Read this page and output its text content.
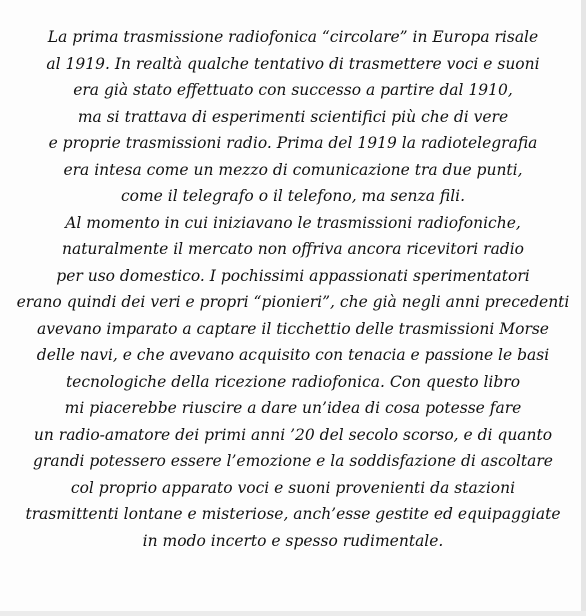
La prima trasmissione radiofonica “circolare” in Europa risale
al 1919. In realtà qualche tentativo di trasmettere voci e suoni
era già stato effettuato con successo a partire dal 1910,
ma si trattava di esperimenti scientifici più che di vere
e proprie trasmissioni radio. Prima del 1919 la radiotelegrafia
era intesa come un mezzo di comunicazione tra due punti,
come il telegrafo o il telefono, ma senza fili.
Al momento in cui iniziavano le trasmissioni radiofoniche,
naturalmente il mercato non offriva ancora ricevitori radio
per uso domestico. I pochissimi appassionati sperimentatori
erano quindi dei veri e propri “pionieri”, che già negli anni precedenti
avevano imparato a captare il ticchettio delle trasmissioni Morse
delle navi, e che avevano acquisito con tenacia e passione le basi
tecnologiche della ricezione radiofonica. Con questo libro
mi piacerebbe riuscire a dare un’idea di cosa potesse fare
un radio-amatore dei primi anni ’20 del secolo scorso, e di quanto
grandi potessero essere l’emozione e la soddisfazione di ascoltare
col proprio apparato voci e suoni provenienti da stazioni
trasmittenti lontane e misteriose, anch’esse gestite ed equipaggiate
in modo incerto e spesso rudimentale.
